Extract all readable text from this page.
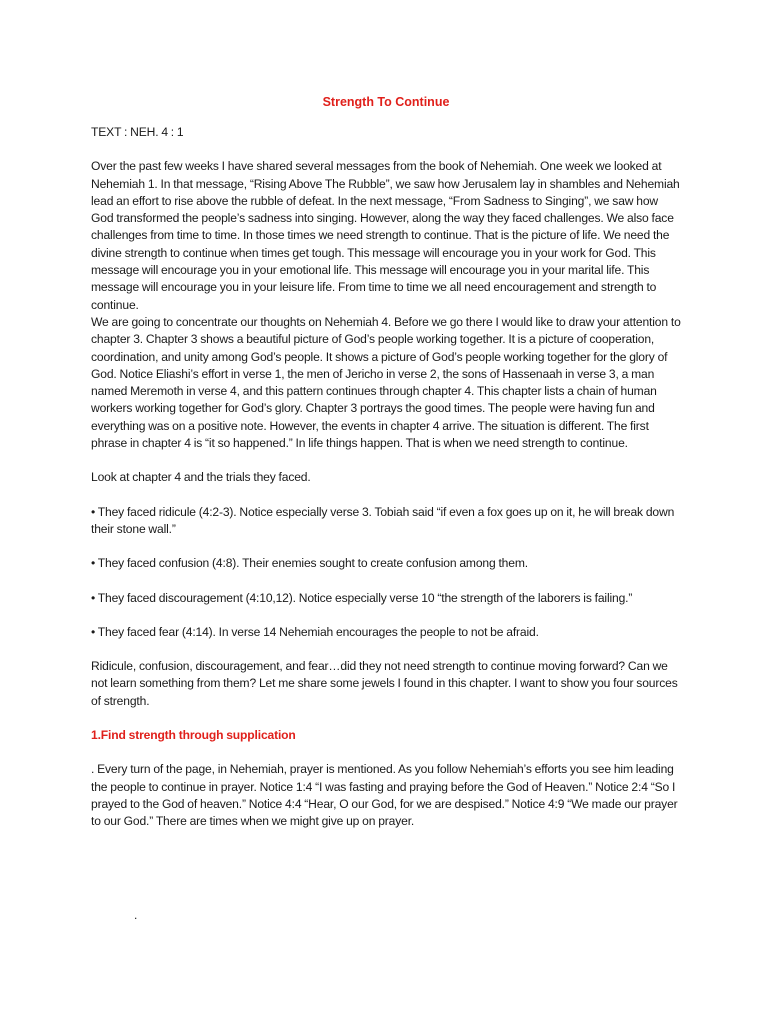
Strength To Continue

TEXT : NEH. 4 : 1

Over the past few weeks I have shared several messages from the book of Nehemiah. One week we looked at Nehemiah 1. In that message, “Rising Above The Rubble”, we saw how Jerusalem lay in shambles and Nehemiah lead an effort to rise above the rubble of defeat. In the next message, “From Sadness to Singing”, we saw how God transformed the people’s sadness into singing. However, along the way they faced challenges. We also face challenges from time to time. In those times we need strength to continue. That is the picture of life. We need the divine strength to continue when times get tough. This message will encourage you in your work for God. This message will encourage you in your emotional life. This message will encourage you in your marital life. This message will encourage you in your leisure life. From time to time we all need encouragement and strength to continue.

We are going to concentrate our thoughts on Nehemiah 4. Before we go there I would like to draw your attention to chapter 3. Chapter 3 shows a beautiful picture of God’s people working together. It is a picture of cooperation, coordination, and unity among God’s people. It shows a picture of God’s people working together for the glory of God. Notice Eliashi’s effort in verse 1, the men of Jericho in verse 2, the sons of Hassenaah in verse 3, a man named Meremoth in verse 4, and this pattern continues through chapter 4. This chapter lists a chain of human workers working together for God’s glory. Chapter 3 portrays the good times. The people were having fun and everything was on a positive note. However, the events in chapter 4 arrive. The situation is different. The first phrase in chapter 4 is “it so happened.” In life things happen. That is when we need strength to continue.

Look at chapter 4 and the trials they faced.

• They faced ridicule (4:2-3). Notice especially verse 3. Tobiah said “if even a fox goes up on it, he will break down their stone wall.”

• They faced confusion (4:8). Their enemies sought to create confusion among them.

• They faced discouragement (4:10,12). Notice especially verse 10 “the strength of the laborers is failing.”

• They faced fear (4:14). In verse 14 Nehemiah encourages the people to not be afraid.

Ridicule, confusion, discouragement, and fear…did they not need strength to continue moving forward? Can we not learn something from them? Let me share some jewels I found in this chapter. I want to show you four sources of strength.

1.Find strength through supplication

. Every turn of the page, in Nehemiah, prayer is mentioned. As you follow Nehemiah’s efforts you see him leading the people to continue in prayer. Notice 1:4 “I was fasting and praying before the God of Heaven.” Notice 2:4 “So I prayed to the God of heaven.” Notice 4:4 “Hear, O our God, for we are despised.” Notice 4:9 “We made our prayer to our God.” There are times when we might give up on prayer.

.
